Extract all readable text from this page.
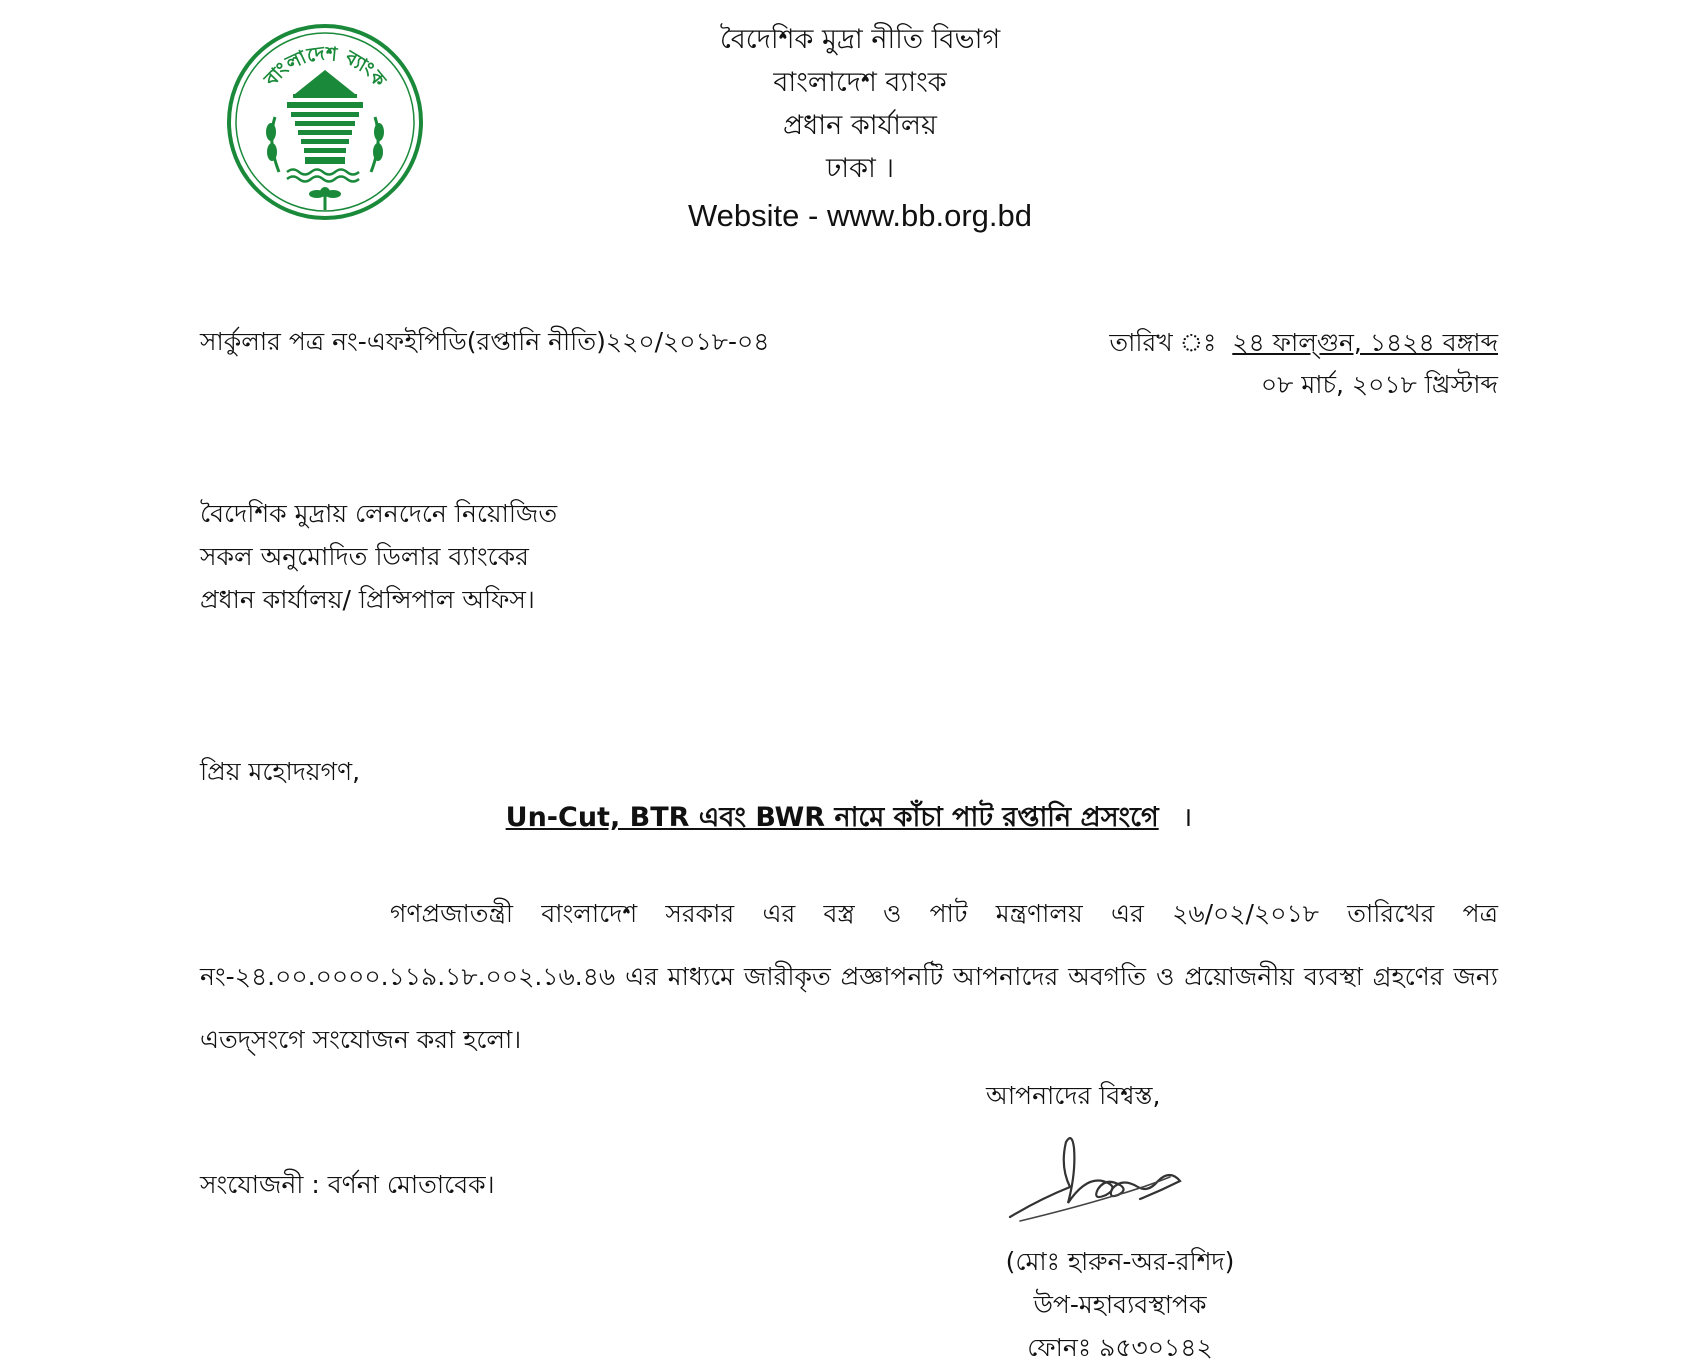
বাংলাদেশ ব্যাংক
বৈদেশিক মুদ্রা নীতি বিভাগ
বাংলাদেশ ব্যাংক
প্রধান কার্যালয়
ঢাকা ।
Website - www.bb.org.bd
সার্কুলার পত্র নং-এফইপিডি(রপ্তানি নীতি)২২০/২০১৮-০৪	তারিখ ঃ ২৪ ফাল্গুন, ১৪২৪ বঙ্গাব্দ
০৮ মার্চ, ২০১৮ খ্রিস্টাব্দ
বৈদেশিক মুদ্রায় লেনদেনে নিয়োজিত
সকল অনুমোদিত ডিলার ব্যাংকের
প্রধান কার্যালয়/ প্রিন্সিপাল অফিস।
প্রিয় মহোদয়গণ,
Un-Cut, BTR এবং BWR নামে কাঁচা পাট রপ্তানি প্রসংগে ।
গণপ্রজাতন্ত্রী বাংলাদেশ সরকার এর বস্ত্র ও পাট মন্ত্রণালয় এর ২৬/০২/২০১৮ তারিখের পত্র নং-২৪.০০.০০০০.১১৯.১৮.০০২.১৬.৪৬ এর মাধ্যমে জারীকৃত প্রজ্ঞাপনটি আপনাদের অবগতি ও প্রয়োজনীয় ব্যবস্থা গ্রহণের জন্য এতদ্সংগে সংযোজন করা হলো।
আপনাদের বিশ্বস্ত,
সংযোজনী : বর্ণনা মোতাবেক।
(মোঃ হারুন-অর-রশিদ)
উপ-মহাব্যবস্থাপক
ফোনঃ ৯৫৩০১৪২
